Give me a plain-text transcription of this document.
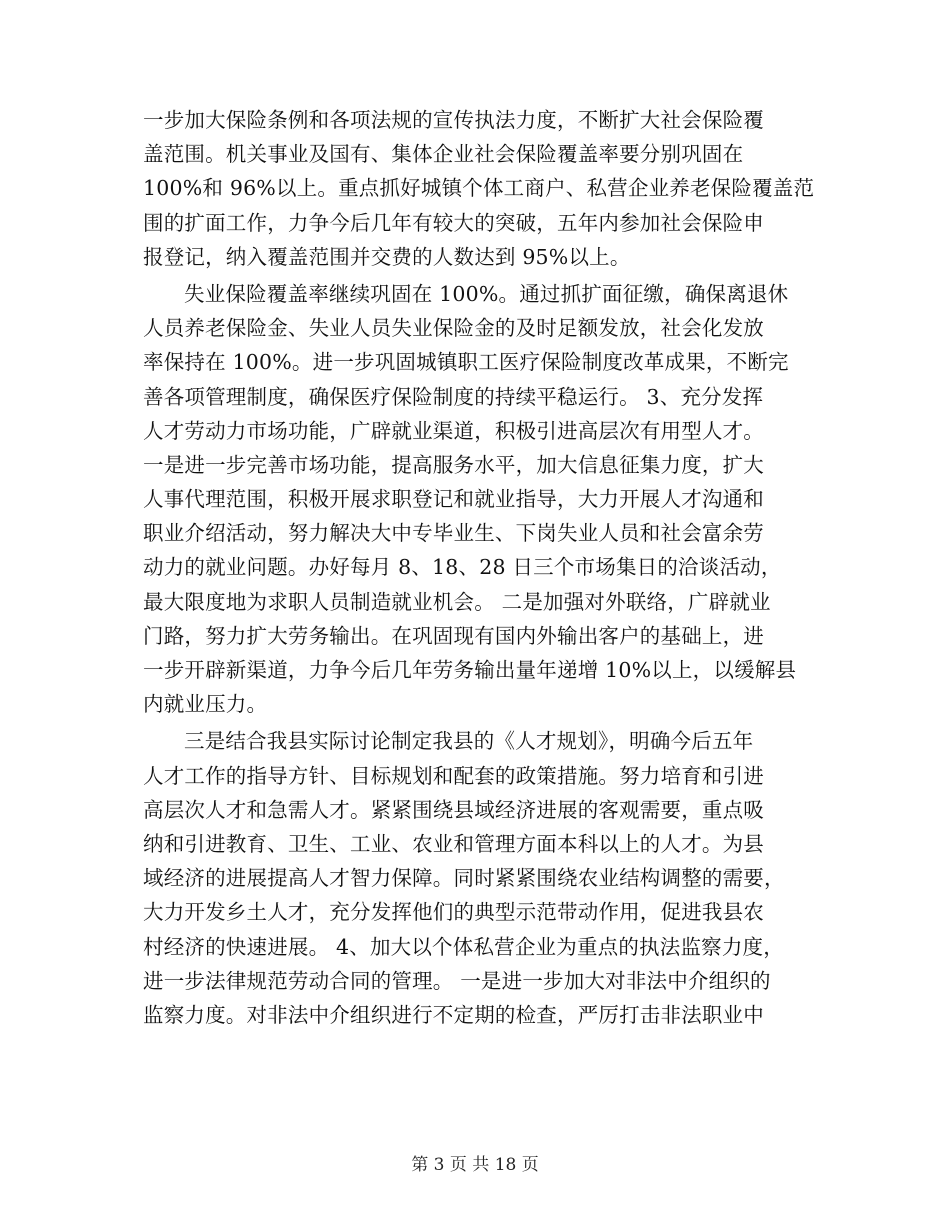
一步加大保险条例和各项法规的宣传执法力度，不断扩大社会保险覆
盖范围。机关事业及国有、集体企业社会保险覆盖率要分别巩固在
100%和 96%以上。重点抓好城镇个体工商户、私营企业养老保险覆盖范
围的扩面工作，力争今后几年有较大的突破，五年内参加社会保险申
报登记，纳入覆盖范围并交费的人数达到 95%以上。
失业保险覆盖率继续巩固在 100%。通过抓扩面征缴，确保离退休
人员养老保险金、失业人员失业保险金的及时足额发放，社会化发放
率保持在 100%。进一步巩固城镇职工医疗保险制度改革成果，不断完
善各项管理制度，确保医疗保险制度的持续平稳运行。 3、充分发挥
人才劳动力市场功能，广辟就业渠道，积极引进高层次有用型人才。
一是进一步完善市场功能，提高服务水平，加大信息征集力度，扩大
人事代理范围，积极开展求职登记和就业指导，大力开展人才沟通和
职业介绍活动，努力解决大中专毕业生、下岗失业人员和社会富余劳
动力的就业问题。办好每月 8、18、28 日三个市场集日的洽谈活动，
最大限度地为求职人员制造就业机会。 二是加强对外联络，广辟就业
门路，努力扩大劳务输出。在巩固现有国内外输出客户的基础上，进
一步开辟新渠道，力争今后几年劳务输出量年递增 10%以上，以缓解县
内就业压力。
三是结合我县实际讨论制定我县的《人才规划》，明确今后五年
人才工作的指导方针、目标规划和配套的政策措施。努力培育和引进
高层次人才和急需人才。紧紧围绕县域经济进展的客观需要，重点吸
纳和引进教育、卫生、工业、农业和管理方面本科以上的人才。为县
域经济的进展提高人才智力保障。同时紧紧围绕农业结构调整的需要，
大力开发乡土人才，充分发挥他们的典型示范带动作用，促进我县农
村经济的快速进展。 4、加大以个体私营企业为重点的执法监察力度，
进一步法律规范劳动合同的管理。 一是进一步加大对非法中介组织的
监察力度。对非法中介组织进行不定期的检查，严厉打击非法职业中
第 3 页 共 18 页
